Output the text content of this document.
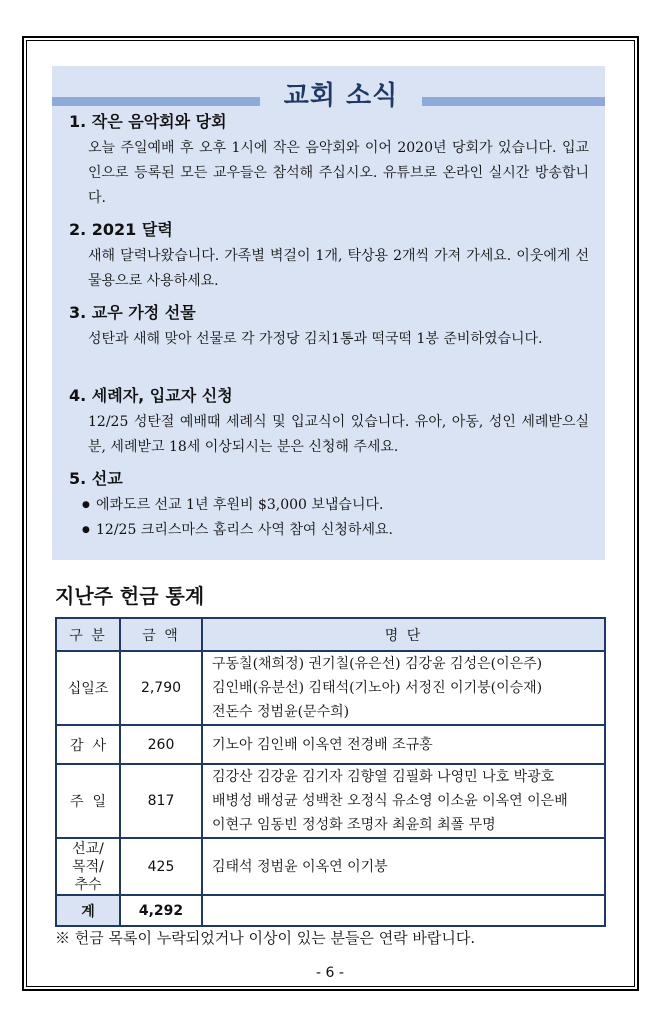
교회 소식
1. 작은 음악회와 당회

오늘 주일예배 후 오후 1시에 작은 음악회와 이어 2020년 당회가 있습니다. 입교인으로 등록된 모든 교우들은 참석해 주십시오. 유튜브로 온라인 실시간 방송합니다.

2. 2021 달력

새해 달력나왔습니다. 가족별 벽걸이 1개, 탁상용 2개씩 가져 가세요. 이웃에게 선물용으로 사용하세요.

3. 교우 가정 선물

성탄과 새해 맞아 선물로 각 가정당 김치1통과 떡국떡 1봉 준비하였습니다.

4. 세례자, 입교자 신청

12/25 성탄절 예배때 세례식 및 입교식이 있습니다. 유아, 아동, 성인 세례받으실 분, 세례받고 18세 이상되시는 분은 신청해 주세요.

5. 선교
● 에콰도르 선교 1년 후원비 $3,000 보냅습니다.
● 12/25 크리스마스 홈리스 사역 참여 신청하세요.
지난주 헌금 통계
구 분	금 액	명 단
십일조	2,790	구동칠(채희정) 권기칠(유은선) 김강윤 김성은(이은주)
김인배(유분선) 김태석(기노아) 서정진 이기붕(이승재)
전돈수 정범윤(문수희)

감  사	260	기노아 김인배 이옥연 전경배 조규홍

주  일	817	김강산 김강윤 김기자 김향열 김필화 나영민 나호 박광호
배병성 배성균 성백찬 오정식 유소영 이소윤 이옥연 이은배
이현구 임동빈 정성화 조명자 최윤희 최폴 무명

선교/
목적/
추수	425	김태석 정범윤 이옥연 이기붕

계	4,292	

※ 헌금 목록이 누락되었거나 이상이 있는 분들은 연락 바랍니다.

- 6 -
